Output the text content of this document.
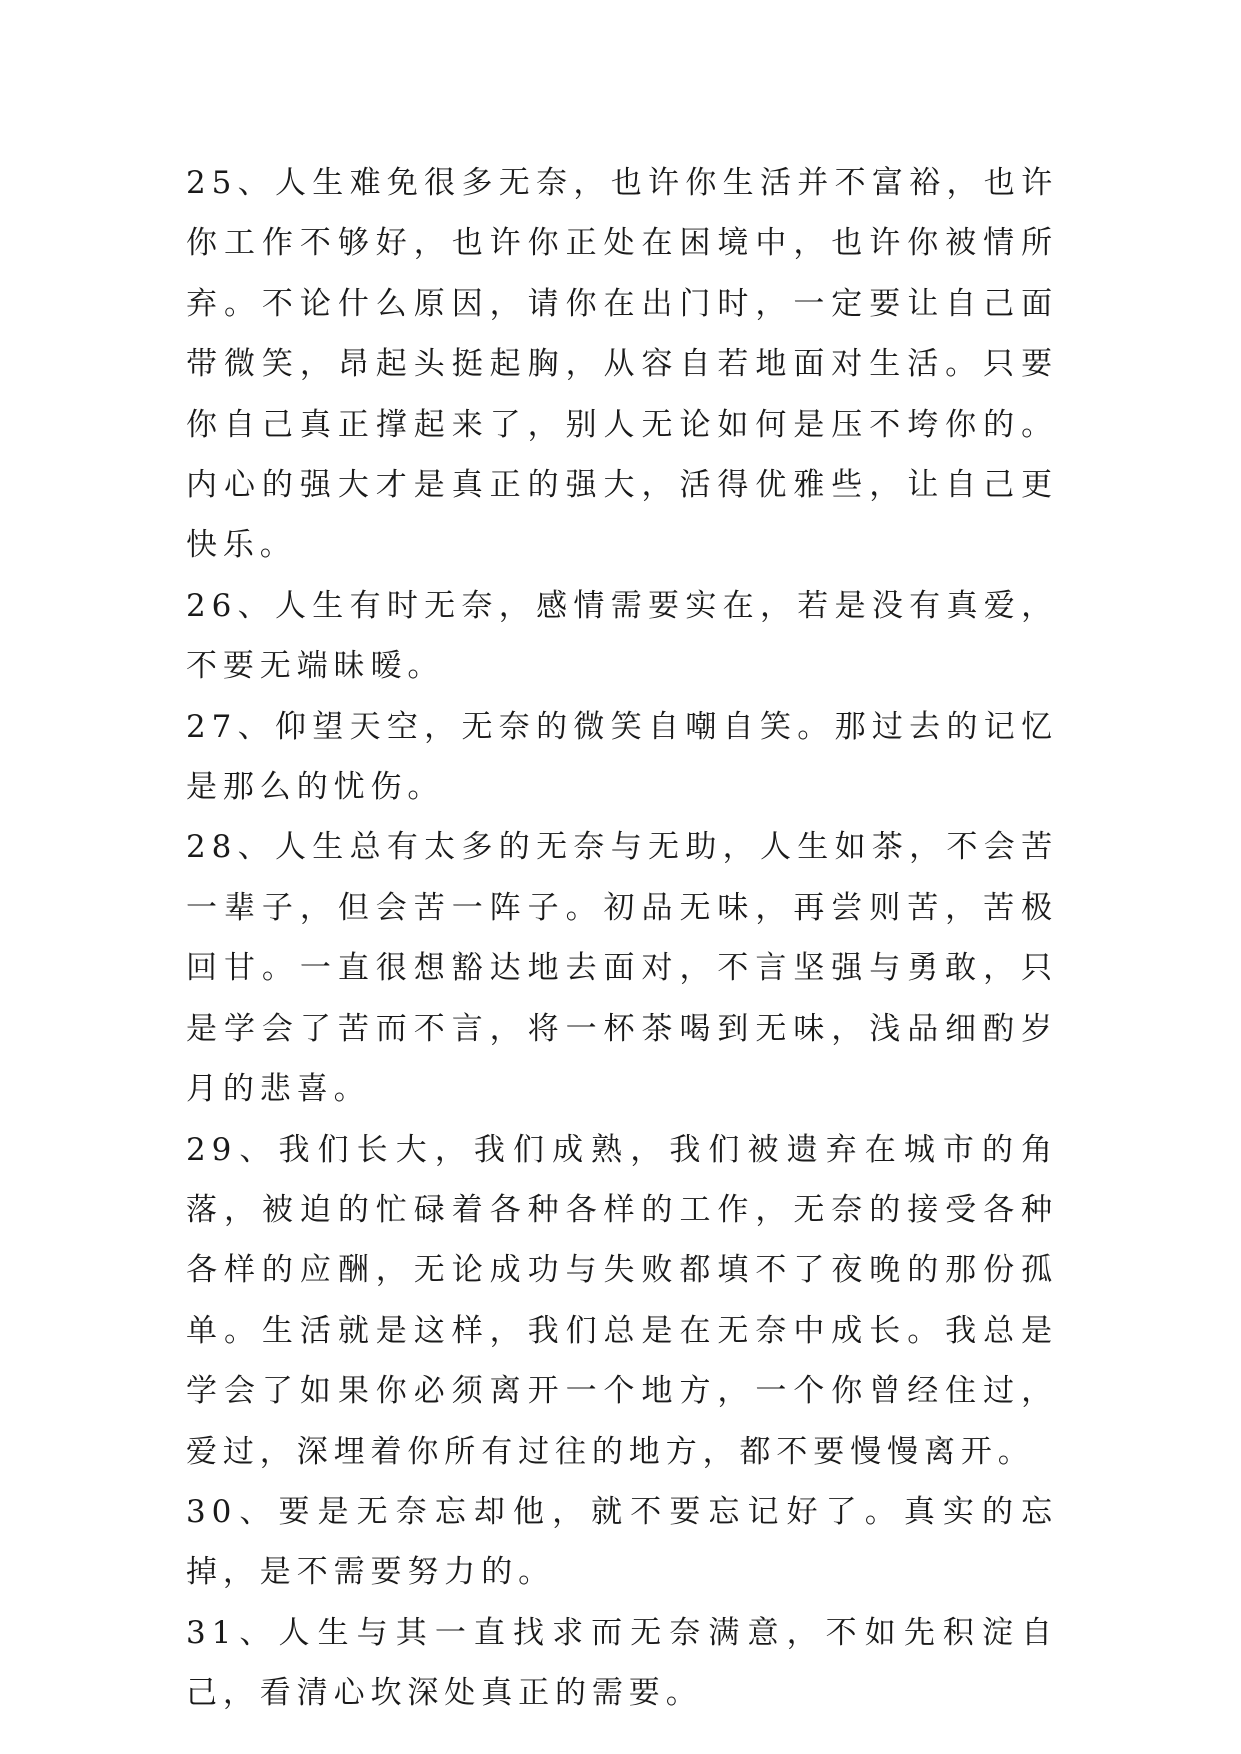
25、人生难免很多无奈，也许你生活并不富裕，也许你工作不够好，也许你正处在困境中，也许你被情所弃。不论什么原因，请你在出门时，一定要让自己面带微笑，昂起头挺起胸，从容自若地面对生活。只要你自己真正撑起来了，别人无论如何是压不垮你的。内心的强大才是真正的强大，活得优雅些，让自己更快乐。

26、人生有时无奈，感情需要实在，若是没有真爱，不要无端昧暧。

27、仰望天空，无奈的微笑自嘲自笑。那过去的记忆是那么的忧伤。

28、人生总有太多的无奈与无助，人生如茶，不会苦一辈子，但会苦一阵子。初品无味，再尝则苦，苦极回甘。一直很想豁达地去面对，不言坚强与勇敢，只是学会了苦而不言，将一杯茶喝到无味，浅品细酌岁月的悲喜。

29、我们长大，我们成熟，我们被遗弃在城市的角落，被迫的忙碌着各种各样的工作，无奈的接受各种各样的应酬，无论成功与失败都填不了夜晚的那份孤单。生活就是这样，我们总是在无奈中成长。我总是学会了如果你必须离开一个地方，一个你曾经住过，爱过，深埋着你所有过往的地方，都不要慢慢离开。

30、要是无奈忘却他，就不要忘记好了。真实的忘掉，是不需要努力的。

31、人生与其一直找求而无奈满意，不如先积淀自己，看清心坎深处真正的需要。
